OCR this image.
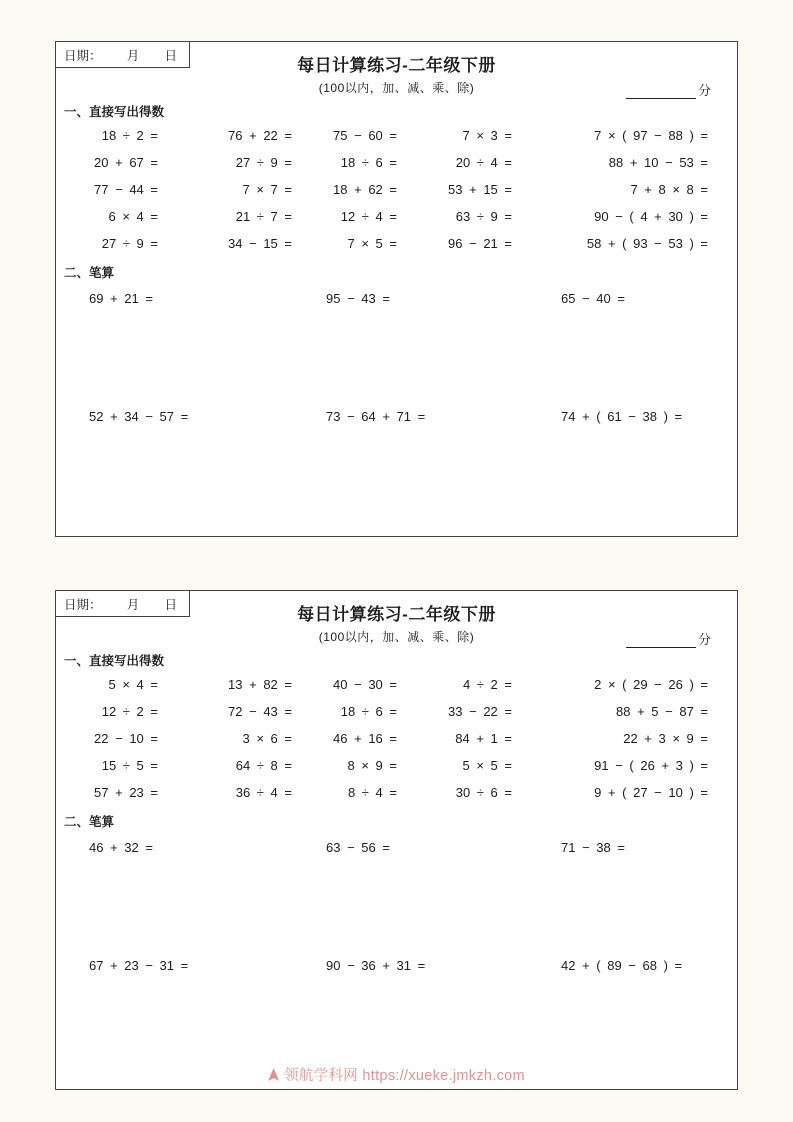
日期： 月 日
每日计算练习-二年级下册
(100以内，加、减、乘、除)	分
一、直接写出得数
18 ÷ 2 =	76 + 22 =	75 − 60 =	7 × 3 =	7 × ( 97 − 88 ) =
20 + 67 =	27 ÷ 9 =	18 ÷ 6 =	20 ÷ 4 =	88 + 10 − 53 =
77 − 44 =	7 × 7 =	18 + 62 =	53 + 15 =	7 + 8 × 8 =
6 × 4 =	21 ÷ 7 =	12 ÷ 4 =	63 ÷ 9 =	90 − ( 4 + 30 ) =
27 ÷ 9 =	34 − 15 =	7 × 5 =	96 − 21 =	58 + ( 93 − 53 ) =
二、笔算
69 + 21 =	95 − 43 =	65 − 40 =
52 + 34 − 57 =	73 − 64 + 71 =	74 + ( 61 − 38 ) =
日期： 月 日
每日计算练习-二年级下册
(100以内，加、减、乘、除)	分
一、直接写出得数
5 × 4 =	13 + 82 =	40 − 30 =	4 ÷ 2 =	2 × ( 29 − 26 ) =
12 ÷ 2 =	72 − 43 =	18 ÷ 6 =	33 − 22 =	88 + 5 − 87 =
22 − 10 =	3 × 6 =	46 + 16 =	84 + 1 =	22 + 3 × 9 =
15 ÷ 5 =	64 ÷ 8 =	8 × 9 =	5 × 5 =	91 − ( 26 + 3 ) =
57 + 23 =	36 ÷ 4 =	8 ÷ 4 =	30 ÷ 6 =	9 + ( 27 − 10 ) =
二、笔算
46 + 32 =	63 − 56 =	71 − 38 =
67 + 23 − 31 =	90 − 36 + 31 =	42 + ( 89 − 68 ) =
领航学科网 https://xueke.jmkzh.com
